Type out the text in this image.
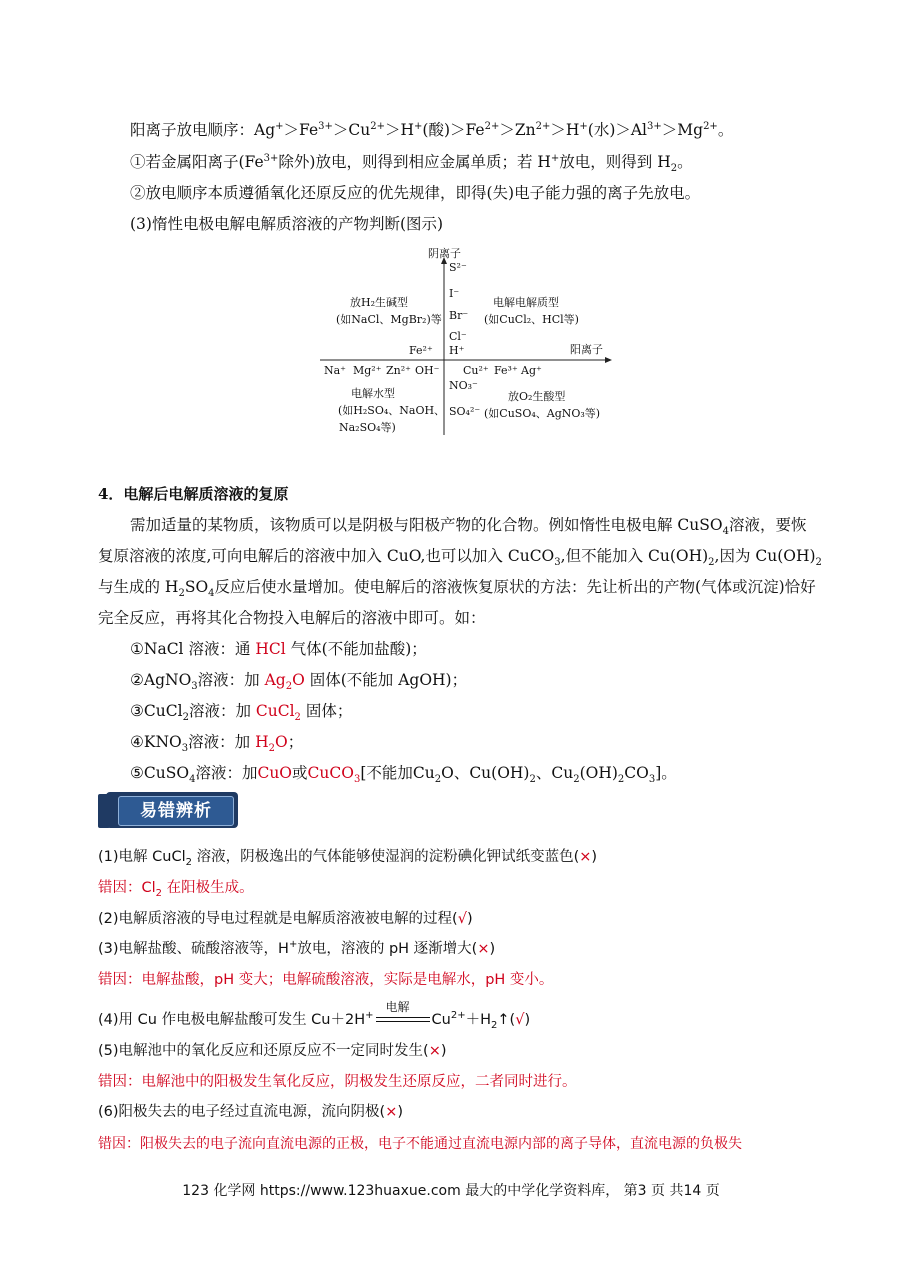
阳离子放电顺序：$Ag^+>Fe^{3+}>Cu^{2+}>H^+$(酸)$>Fe^{2+}>Zn^{2+}>H^+$(水)$>Al^{3+}>Mg^{2+}$。
①若金属阳离子($Fe^{3+}$除外)放电，则得到相应金属单质；若 H+放电，则得到 $H_2$。
②放电顺序本质遵循氧化还原反应的优先规律，即得(失)电子能力强的离子先放电。
(3)惰性电极电解电解质溶液的产物判断(图示)
阴离子
阳离子
S²⁻
I⁻
Br⁻
Cl⁻
H⁺
NO₃⁻
SO₄²⁻
Na⁺ Mg²⁺ Zn²⁺ OH⁻
Fe²⁺
Cu²⁺ Fe³⁺ Ag⁺
放H₂生碱型
(如NaCl、MgBr₂)等
电解电解质型
(如CuCl₂、HCl等)
电解水型
(如H₂SO₄、NaOH、
Na₂SO₄等)
放O₂生酸型
(如CuSO₄、AgNO₃等)
4．电解后电解质溶液的复原
需加适量的某物质，该物质可以是阴极与阳极产物的化合物。例如惰性电极电解 CuSO$_4$溶液，要恢
复原溶液的浓度,可向电解后的溶液中加入 CuO,也可以加入 CuCO$_3$,但不能加入 $Cu(OH)_2$,因为 $Cu(OH)_2$
与生成的 $H_2SO_4$反应后使水量增加。使电解后的溶液恢复原状的方法：先让析出的产物(气体或沉淀)恰好
完全反应，再将其化合物投入电解后的溶液中即可。如：
①NaCl 溶液：通 HCl 气体(不能加盐酸)；
②AgNO$_3$溶液：加 $Ag_2O$ 固体(不能加 AgOH)；
③CuCl$_2$溶液：加 CuCl$_2$ 固体；
$④KNO_3$溶液：加 $H_2O$；
⑤CuSO$_4$溶液：加CuO或CuCO$_3$[不能加$Cu_2O$、$Cu(OH)_2$、$Cu_2(OH)_2CO_3$]。
易错辨析
(1)电解 CuCl$_2$ 溶液，阴极逸出的气体能够使湿润的淀粉碘化钾试纸变蓝色(×)
错因：$Cl_2$ 在阳极生成。
(2)电解质溶液的导电过程就是电解质溶液被电解的过程(√)
(3)电解盐酸、硫酸溶液等，H+放电，溶液的 pH 逐渐增大(×)
错因：电解盐酸，pH 变大；电解硫酸溶液，实际是电解水，pH 变小。
(4)用 Cu 作电极电解盐酸可发生 Cu＋2H+
电解
$Cu^{2+}+H_2↑(√)$
(5)电解池中的氧化反应和还原反应不一定同时发生(×)
错因：电解池中的阳极发生氧化反应，阴极发生还原反应，二者同时进行。
(6)阳极失去的电子经过直流电源，流向阴极(×)
错因：阳极失去的电子流向直流电源的正极，电子不能通过直流电源内部的离子导体，直流电源的负极失
123 化学网 https://www.123huaxue.com 最大的中学化学资料库， 第3 页 共14 页
